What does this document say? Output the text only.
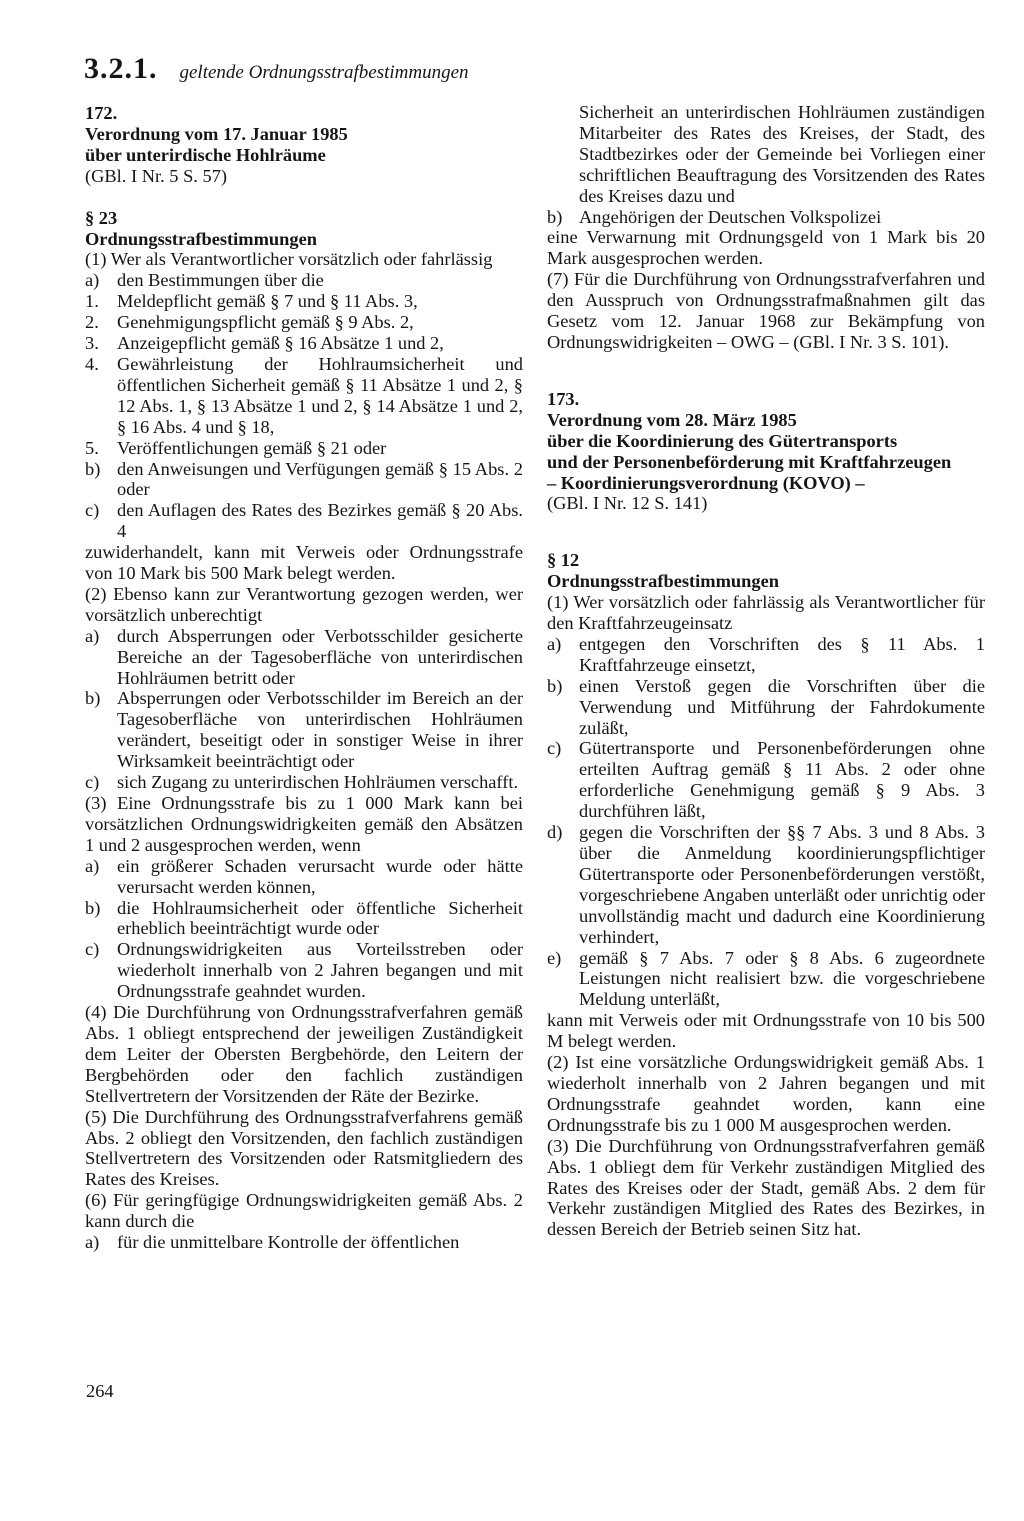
3.2.1. geltende Ordnungsstrafbestimmungen

172.

Verordnung vom 17. Januar 1985

über unterirdische Hohlräume

(GBl. I Nr. 5 S. 57)

§ 23

Ordnungsstrafbestimmungen

(1) Wer als Verantwortlicher vorsätzlich oder fahrlässig

a) den Bestimmungen über die
1. Meldepflicht gemäß § 7 und § 11 Abs. 3,
2. Genehmigungspflicht gemäß § 9 Abs. 2,
3. Anzeigepflicht gemäß § 16 Absätze 1 und 2,
4. Gewährleistung der Hohlraumsicherheit und öffentlichen Sicherheit gemäß § 11 Absätze 1 und 2, § 12 Abs. 1, § 13 Absätze 1 und 2, § 14 Absätze 1 und 2, § 16 Abs. 4 und § 18,
5. Veröffentlichungen gemäß § 21 oder
b) den Anweisungen und Verfügungen gemäß § 15 Abs. 2 oder
c) den Auflagen des Rates des Bezirkes gemäß § 20 Abs. 4

zuwiderhandelt, kann mit Verweis oder Ordnungsstrafe von 10 Mark bis 500 Mark belegt werden.

(2) Ebenso kann zur Verantwortung gezogen werden, wer vorsätzlich unberechtigt

a) durch Absperrungen oder Verbotsschilder gesicherte Bereiche an der Tagesoberfläche von unterirdischen Hohlräumen betritt oder
b) Absperrungen oder Verbotsschilder im Bereich an der Tagesoberfläche von unterirdischen Hohlräumen verändert, beseitigt oder in sonstiger Weise in ihrer Wirksamkeit beeinträchtigt oder
c) sich Zugang zu unterirdischen Hohlräumen verschafft.

(3) Eine Ordnungsstrafe bis zu 1 000 Mark kann bei vorsätzlichen Ordnungswidrigkeiten gemäß den Absätzen 1 und 2 ausgesprochen werden, wenn

a) ein größerer Schaden verursacht wurde oder hätte verursacht werden können,
b) die Hohlraumsicherheit oder öffentliche Sicherheit erheblich beeinträchtigt wurde oder
c) Ordnungswidrigkeiten aus Vorteilsstreben oder wiederholt innerhalb von 2 Jahren begangen und mit Ordnungsstrafe geahndet wurden.

(4) Die Durchführung von Ordnungsstrafverfahren gemäß Abs. 1 obliegt entsprechend der jeweiligen Zuständigkeit dem Leiter der Obersten Bergbehörde, den Leitern der Bergbehörden oder den fachlich zuständigen Stellvertretern der Vorsitzenden der Räte der Bezirke.

(5) Die Durchführung des Ordnungsstrafverfahrens gemäß Abs. 2 obliegt den Vorsitzenden, den fachlich zuständigen Stellvertretern des Vorsitzenden oder Ratsmitgliedern des Rates des Kreises.

(6) Für geringfügige Ordnungswidrigkeiten gemäß Abs. 2 kann durch die

a) für die unmittelbare Kontrolle der öffentlichen
Sicherheit an unterirdischen Hohlräumen zuständigen Mitarbeiter des Rates des Kreises, der Stadt, des Stadtbezirkes oder der Gemeinde bei Vorliegen einer schriftlichen Beauftragung des Vorsitzenden des Rates des Kreises dazu und
b) Angehörigen der Deutschen Volkspolizei

eine Verwarnung mit Ordnungsgeld von 1 Mark bis 20 Mark ausgesprochen werden.

(7) Für die Durchführung von Ordnungsstrafverfahren und den Ausspruch von Ordnungsstrafmaßnahmen gilt das Gesetz vom 12. Januar 1968 zur Bekämpfung von Ordnungswidrigkeiten – OWG – (GBl. I Nr. 3 S. 101).

173.

Verordnung vom 28. März 1985

über die Koordinierung des Gütertransports

und der Personenbeförderung mit Kraftfahrzeugen

– Koordinierungsverordnung (KOVO) –

(GBl. I Nr. 12 S. 141)

§ 12

Ordnungsstrafbestimmungen

(1) Wer vorsätzlich oder fahrlässig als Verantwortlicher für den Kraftfahrzeugeinsatz

a) entgegen den Vorschriften des § 11 Abs. 1 Kraftfahrzeuge einsetzt,
b) einen Verstoß gegen die Vorschriften über die Verwendung und Mitführung der Fahrdokumente zuläßt,
c) Gütertransporte und Personenbeförderungen ohne erteilten Auftrag gemäß § 11 Abs. 2 oder ohne erforderliche Genehmigung gemäß § 9 Abs. 3 durchführen läßt,
d) gegen die Vorschriften der §§ 7 Abs. 3 und 8 Abs. 3 über die Anmeldung koordinierungspflichtiger Gütertransporte oder Personenbeförderungen verstößt, vorgeschriebene Angaben unterläßt oder unrichtig oder unvollständig macht und dadurch eine Koordinierung verhindert,
e) gemäß § 7 Abs. 7 oder § 8 Abs. 6 zugeordnete Leistungen nicht realisiert bzw. die vorgeschriebene Meldung unterläßt,

kann mit Verweis oder mit Ordnungsstrafe von 10 bis 500 M belegt werden.

(2) Ist eine vorsätzliche Ordungswidrigkeit gemäß Abs. 1 wiederholt innerhalb von 2 Jahren begangen und mit Ordnungsstrafe geahndet worden, kann eine Ordnungsstrafe bis zu 1 000 M ausgesprochen werden.

(3) Die Durchführung von Ordnungsstrafverfahren gemäß Abs. 1 obliegt dem für Verkehr zuständigen Mitglied des Rates des Kreises oder der Stadt, gemäß Abs. 2 dem für Verkehr zuständigen Mitglied des Rates des Bezirkes, in dessen Bereich der Betrieb seinen Sitz hat.

264
